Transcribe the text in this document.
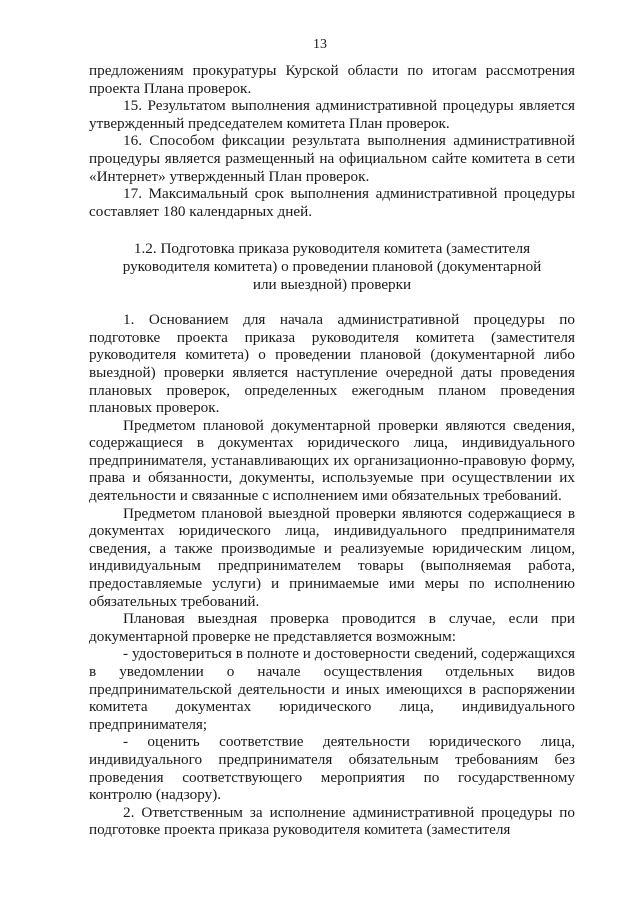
13

предложениям прокуратуры Курской области по итогам рассмотрения проекта Плана проверок.

15. Результатом выполнения административной процедуры является утвержденный председателем комитета План проверок.

16. Способом фиксации результата выполнения административной процедуры является размещенный на официальном сайте комитета в сети «Интернет» утвержденный План проверок.

17. Максимальный срок выполнения административной процедуры составляет 180 календарных дней.

1.2. Подготовка приказа руководителя комитета (заместителя руководителя комитета) о проведении плановой (документарной или выездной) проверки

1. Основанием для начала административной процедуры по подготовке проекта приказа руководителя комитета (заместителя руководителя комитета) о проведении плановой (документарной либо выездной) проверки является наступление очередной даты проведения плановых проверок, определенных ежегодным планом проведения плановых проверок.

Предметом плановой документарной проверки являются сведения, содержащиеся в документах юридического лица, индивидуального предпринимателя, устанавливающих их организационно-правовую форму, права и обязанности, документы, используемые при осуществлении их деятельности и связанные с исполнением ими обязательных требований.

Предметом плановой выездной проверки являются содержащиеся в документах юридического лица, индивидуального предпринимателя сведения, а также производимые и реализуемые юридическим лицом, индивидуальным предпринимателем товары (выполняемая работа, предоставляемые услуги) и принимаемые ими меры по исполнению обязательных требований.

Плановая выездная проверка проводится в случае, если при документарной проверке не представляется возможным:

- удостовериться в полноте и достоверности сведений, содержащихся в уведомлении о начале осуществления отдельных видов предпринимательской деятельности и иных имеющихся в распоряжении комитета документах юридического лица, индивидуального предпринимателя;

- оценить соответствие деятельности юридического лица, индивидуального предпринимателя обязательным требованиям без проведения соответствующего мероприятия по государственному контролю (надзору).

2. Ответственным за исполнение административной процедуры по подготовке проекта приказа руководителя комитета (заместителя
